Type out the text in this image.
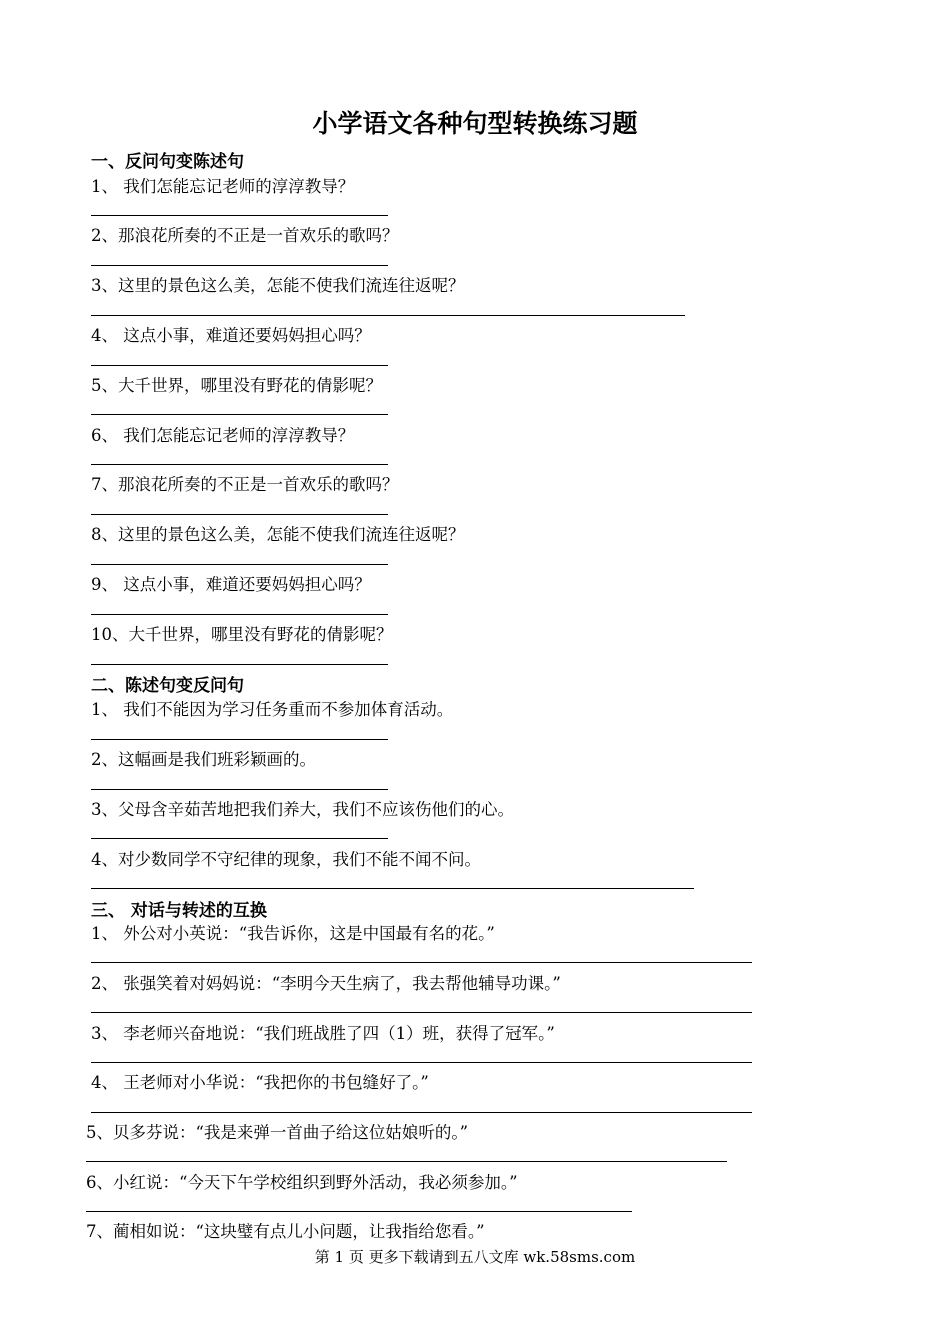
小学语文各种句型转换练习题
一、反问句变陈述句
1、 我们怎能忘记老师的淳淳教导？
2、那浪花所奏的不正是一首欢乐的歌吗？
3、这里的景色这么美，怎能不使我们流连往返呢？
4、 这点小事，难道还要妈妈担心吗？
5、大千世界，哪里没有野花的倩影呢？
6、 我们怎能忘记老师的淳淳教导？
7、那浪花所奏的不正是一首欢乐的歌吗？
8、这里的景色这么美，怎能不使我们流连往返呢？
9、 这点小事，难道还要妈妈担心吗？
10、大千世界，哪里没有野花的倩影呢？
二、陈述句变反问句
1、 我们不能因为学习任务重而不参加体育活动。
2、这幅画是我们班彩颖画的。
3、父母含辛茹苦地把我们养大，我们不应该伤他们的心。
4、对少数同学不守纪律的现象，我们不能不闻不问。
三、 对话与转述的互换
1、 外公对小英说：“我告诉你，这是中国最有名的花。”
2、 张强笑着对妈妈说：“李明今天生病了，我去帮他辅导功课。”
3、 李老师兴奋地说：“我们班战胜了四（1）班，获得了冠军。”
4、 王老师对小华说：“我把你的书包缝好了。”
5、贝多芬说：“我是来弹一首曲子给这位姑娘听的。”
6、小红说：“今天下午学校组织到野外活动，我必须参加。”
7、蔺相如说：“这块璧有点儿小问题，让我指给您看。”
第 1 页 更多下载请到五八文库 wk.58sms.com
